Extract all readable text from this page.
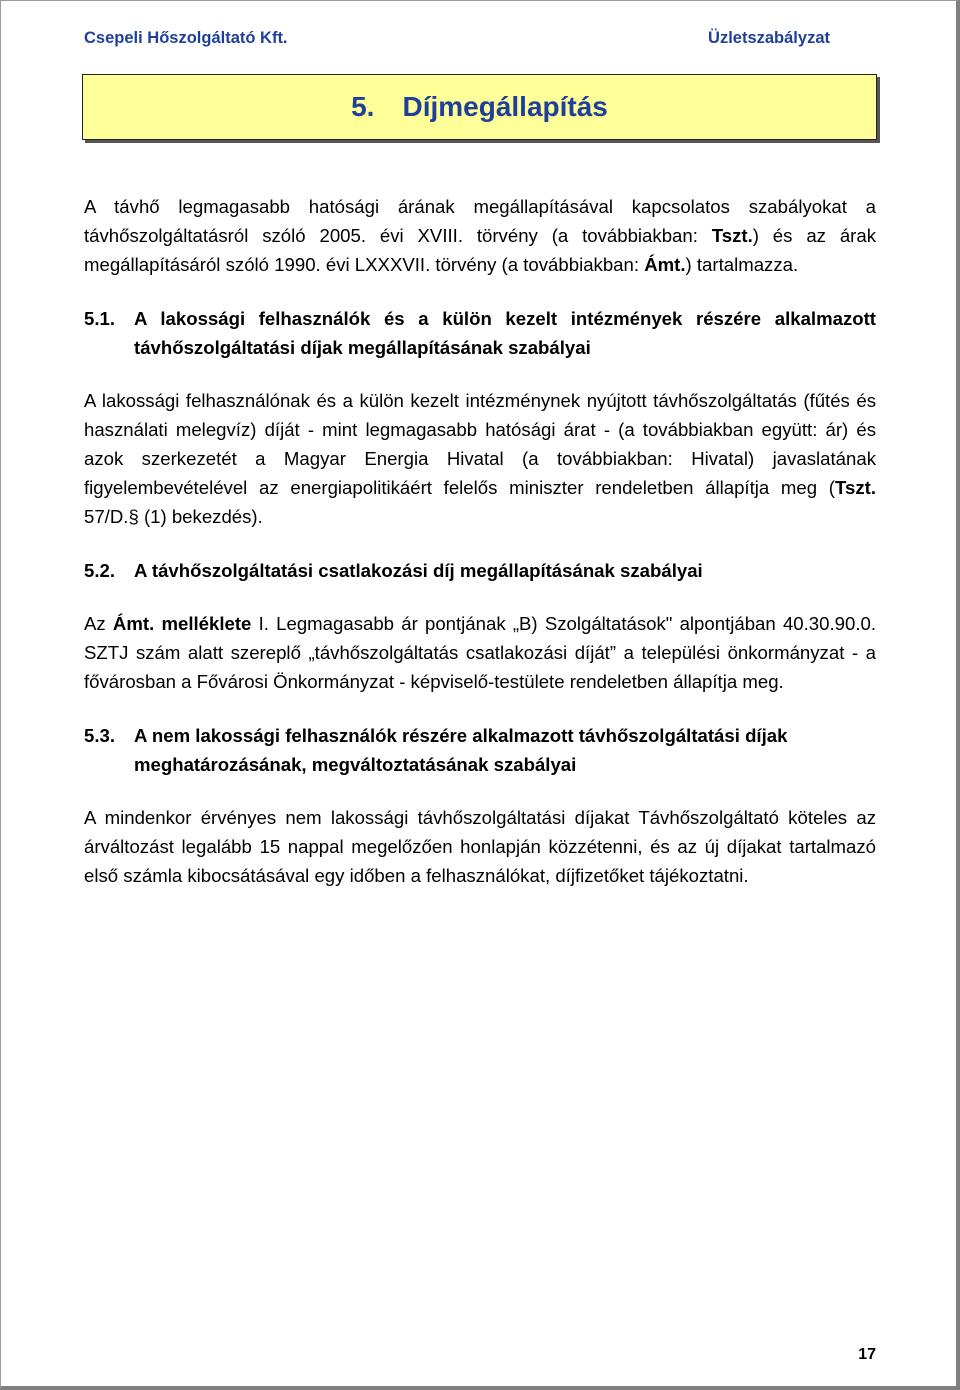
Csepeli Hőszolgáltató Kft.	Üzletszabályzat
5. Díjmegállapítás

A távhő legmagasabb hatósági árának megállapításával kapcsolatos szabályokat a távhőszolgáltatásról szóló 2005. évi XVIII. törvény (a továbbiakban: Tszt.) és az árak megállapításáról szóló 1990. évi LXXXVII. törvény (a továbbiakban: Ámt.) tartalmazza.

5.1.	A lakossági felhasználók és a külön kezelt intézmények részére alkalmazott távhőszolgáltatási díjak megállapításának szabályai

A lakossági felhasználónak és a külön kezelt intézménynek nyújtott távhőszolgáltatás (fűtés és használati melegvíz) díját - mint legmagasabb hatósági árat - (a továbbiakban együtt: ár) és azok szerkezetét a Magyar Energia Hivatal (a továbbiakban: Hivatal) javaslatának figyelembevételével az energiapolitikáért felelős miniszter rendeletben állapítja meg (Tszt. 57/D.§ (1) bekezdés).

5.2.	A távhőszolgáltatási csatlakozási díj megállapításának szabályai

Az Ámt. melléklete I. Legmagasabb ár pontjának „B) Szolgáltatások" alpontjában 40.30.90.0. SZTJ szám alatt szereplő „távhőszolgáltatás csatlakozási díját” a települési önkormányzat - a fővárosban a Fővárosi Önkormányzat - képviselő-testülete rendeletben állapítja meg.

5.3.	A nem lakossági felhasználók részére alkalmazott távhőszolgáltatási díjak meghatározásának, megváltoztatásának szabályai

A mindenkor érvényes nem lakossági távhőszolgáltatási díjakat Távhőszolgáltató köteles az árváltozást legalább 15 nappal megelőzően honlapján közzétenni, és az új díjakat tartalmazó első számla kibocsátásával egy időben a felhasználókat, díjfizetőket tájékoztatni.

17
